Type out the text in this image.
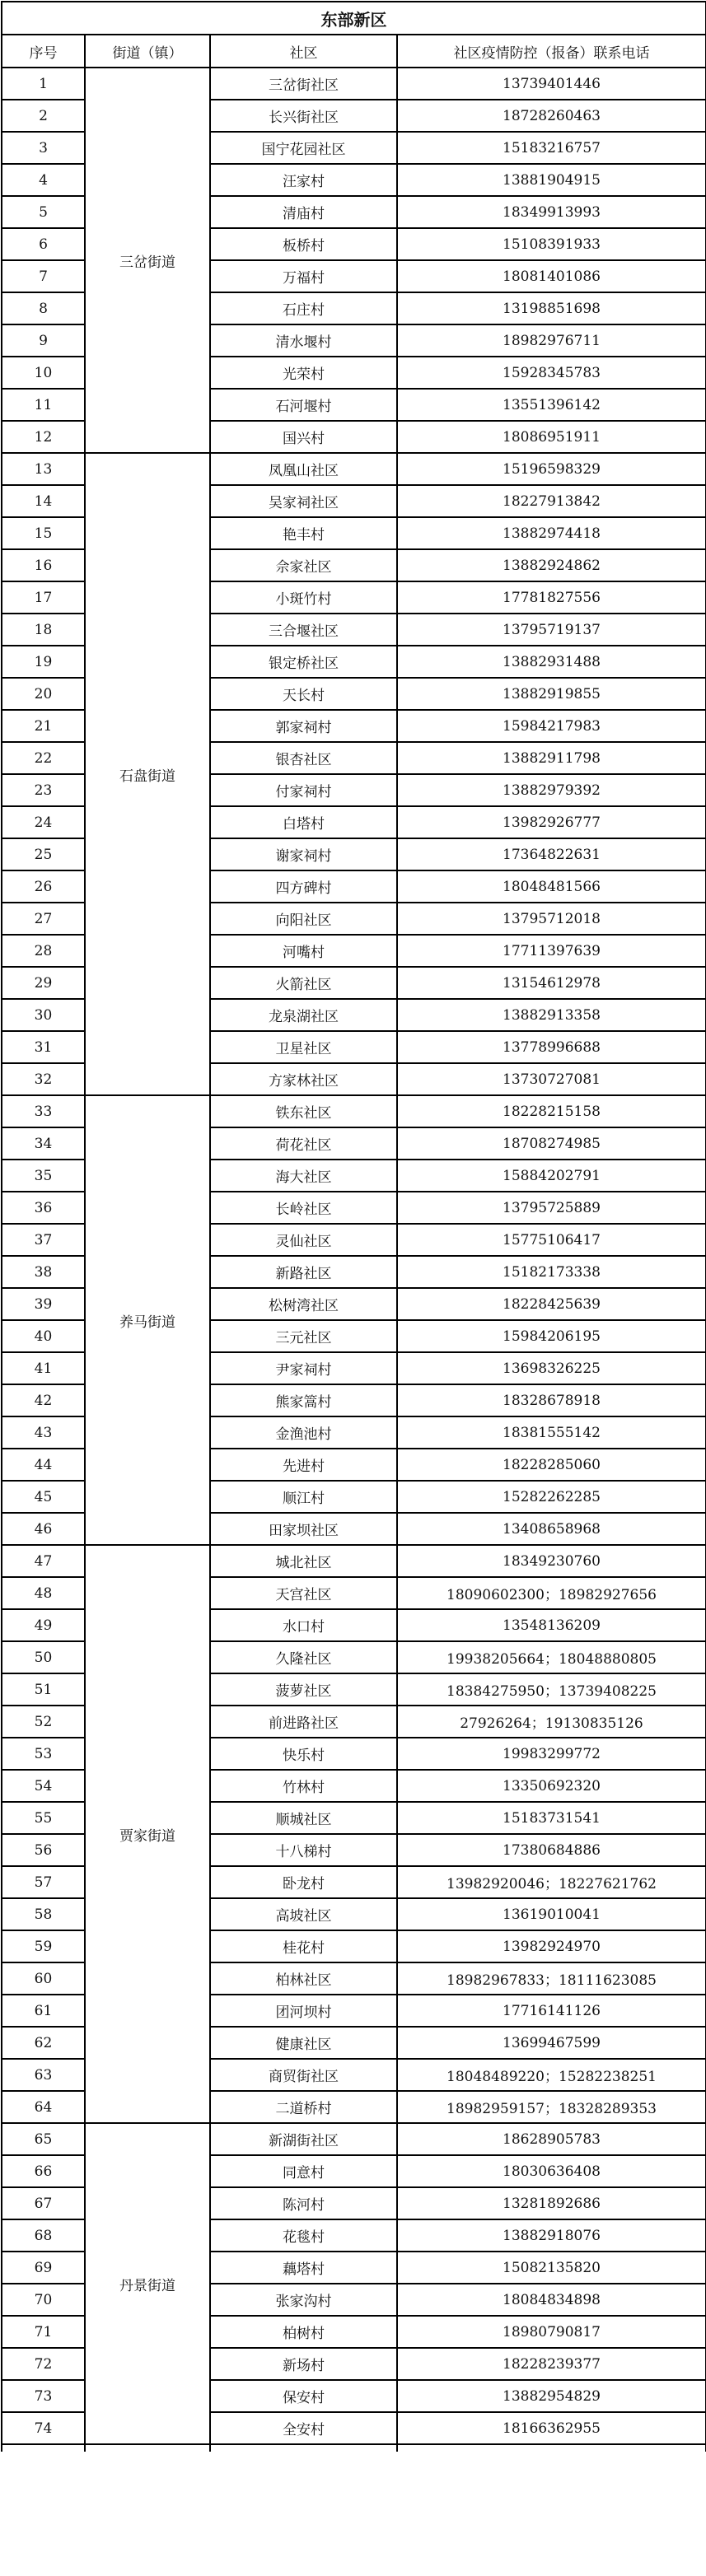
东部新区			
序号	街道（镇）	社区	社区疫情防控（报备）联系电话
1	三岔街道	三岔街社区	13739401446
2		长兴街社区	18728260463
3		国宁花园社区	15183216757
4		汪家村	13881904915
5		清庙村	18349913993
6		板桥村	15108391933
7		万福村	18081401086
8		石庄村	13198851698
9		清水堰村	18982976711
10		光荣村	15928345783
11		石河堰村	13551396142
12		国兴村	18086951911
13	石盘街道	凤凰山社区	15196598329
14		吴家祠社区	18227913842
15		艳丰村	13882974418
16		佘家社区	13882924862
17		小斑竹村	17781827556
18		三合堰社区	13795719137
19		银定桥社区	13882931488
20		天长村	13882919855
21		郭家祠村	15984217983
22		银杏社区	13882911798
23		付家祠村	13882979392
24		白塔村	13982926777
25		谢家祠村	17364822631
26		四方碑村	18048481566
27		向阳社区	13795712018
28		河嘴村	17711397639
29		火箭社区	13154612978
30		龙泉湖社区	13882913358
31		卫星社区	13778996688
32		方家林社区	13730727081
33	养马街道	铁东社区	18228215158
34		荷花社区	18708274985
35		海大社区	15884202791
36		长岭社区	13795725889
37		灵仙社区	15775106417
38		新路社区	15182173338
39		松树湾社区	18228425639
40		三元社区	15984206195
41		尹家祠村	13698326225
42		熊家篙村	18328678918
43		金渔池村	18381555142
44		先进村	18228285060
45		顺江村	15282262285
46		田家坝社区	13408658968
47	贾家街道	城北社区	18349230760
48		天宫社区	18090602300；18982927656
49		水口村	13548136209
50		久隆社区	19938205664；18048880805
51		菠萝社区	18384275950；13739408225
52		前进路社区	27926264；19130835126
53		快乐村	19983299772
54		竹林村	13350692320
55		顺城社区	15183731541
56		十八梯村	17380684886
57		卧龙村	13982920046；18227621762
58		高坡社区	13619010041
59		桂花村	13982924970
60		柏林社区	18982967833；18111623085
61		团河坝村	17716141126
62		健康社区	13699467599
63		商贸街社区	18048489220；15282238251
64		二道桥村	18982959157；18328289353
65	丹景街道	新湖街社区	18628905783
66		同意村	18030636408
67		陈河村	13281892686
68		花毯村	13882918076
69		藕塔村	15082135820
70		张家沟村	18084834898
71		柏树村	18980790817
72		新场村	18228239377
73		保安村	13882954829
74		全安村	18166362955
